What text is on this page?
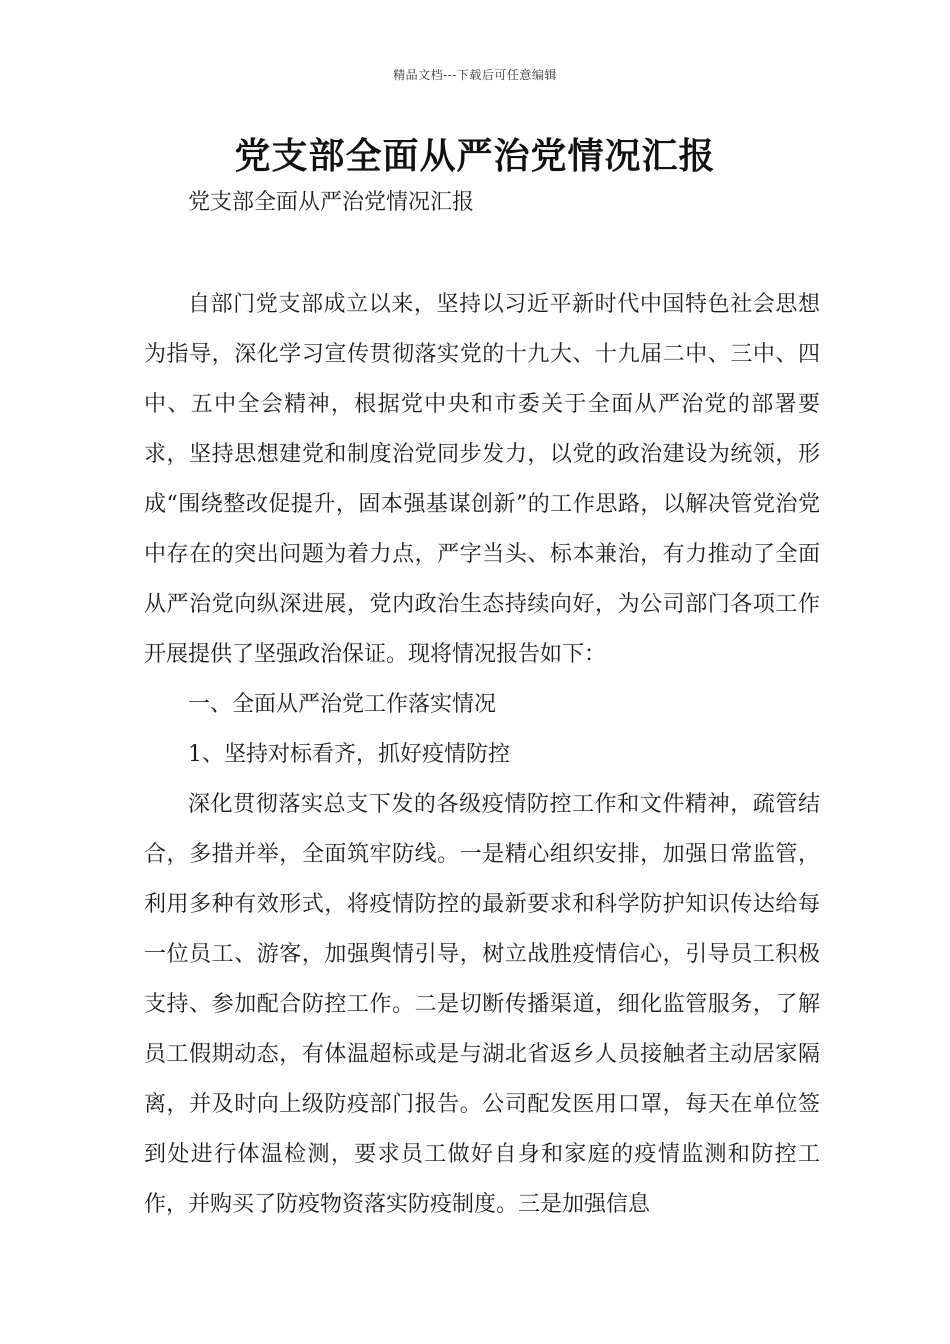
精品文档---下载后可任意编辑
党支部全面从严治党情况汇报

党支部全面从严治党情况汇报

自部门党支部成立以来，坚持以习近平新时代中国特色社会思想为指导，深化学习宣传贯彻落实党的十九大、十九届二中、三中、四中、五中全会精神，根据党中央和市委关于全面从严治党的部署要求，坚持思想建党和制度治党同步发力，以党的政治建设为统领，形成“围绕整改促提升，固本强基谋创新”的工作思路，以解决管党治党中存在的突出问题为着力点，严字当头、标本兼治，有力推动了全面从严治党向纵深进展，党内政治生态持续向好，为公司部门各项工作开展提供了坚强政治保证。现将情况报告如下：

一、全面从严治党工作落实情况

1、坚持对标看齐，抓好疫情防控

深化贯彻落实总支下发的各级疫情防控工作和文件精神，疏管结合，多措并举，全面筑牢防线。一是精心组织安排，加强日常监管，利用多种有效形式，将疫情防控的最新要求和科学防护知识传达给每一位员工、游客，加强舆情引导，树立战胜疫情信心，引导员工积极支持、参加配合防控工作。二是切断传播渠道，细化监管服务，了解员工假期动态，有体温超标或是与湖北省返乡人员接触者主动居家隔离，并及时向上级防疫部门报告。公司配发医用口罩，每天在单位签到处进行体温检测，要求员工做好自身和家庭的疫情监测和防控工作，并购买了防疫物资落实防疫制度。三是加强信息
